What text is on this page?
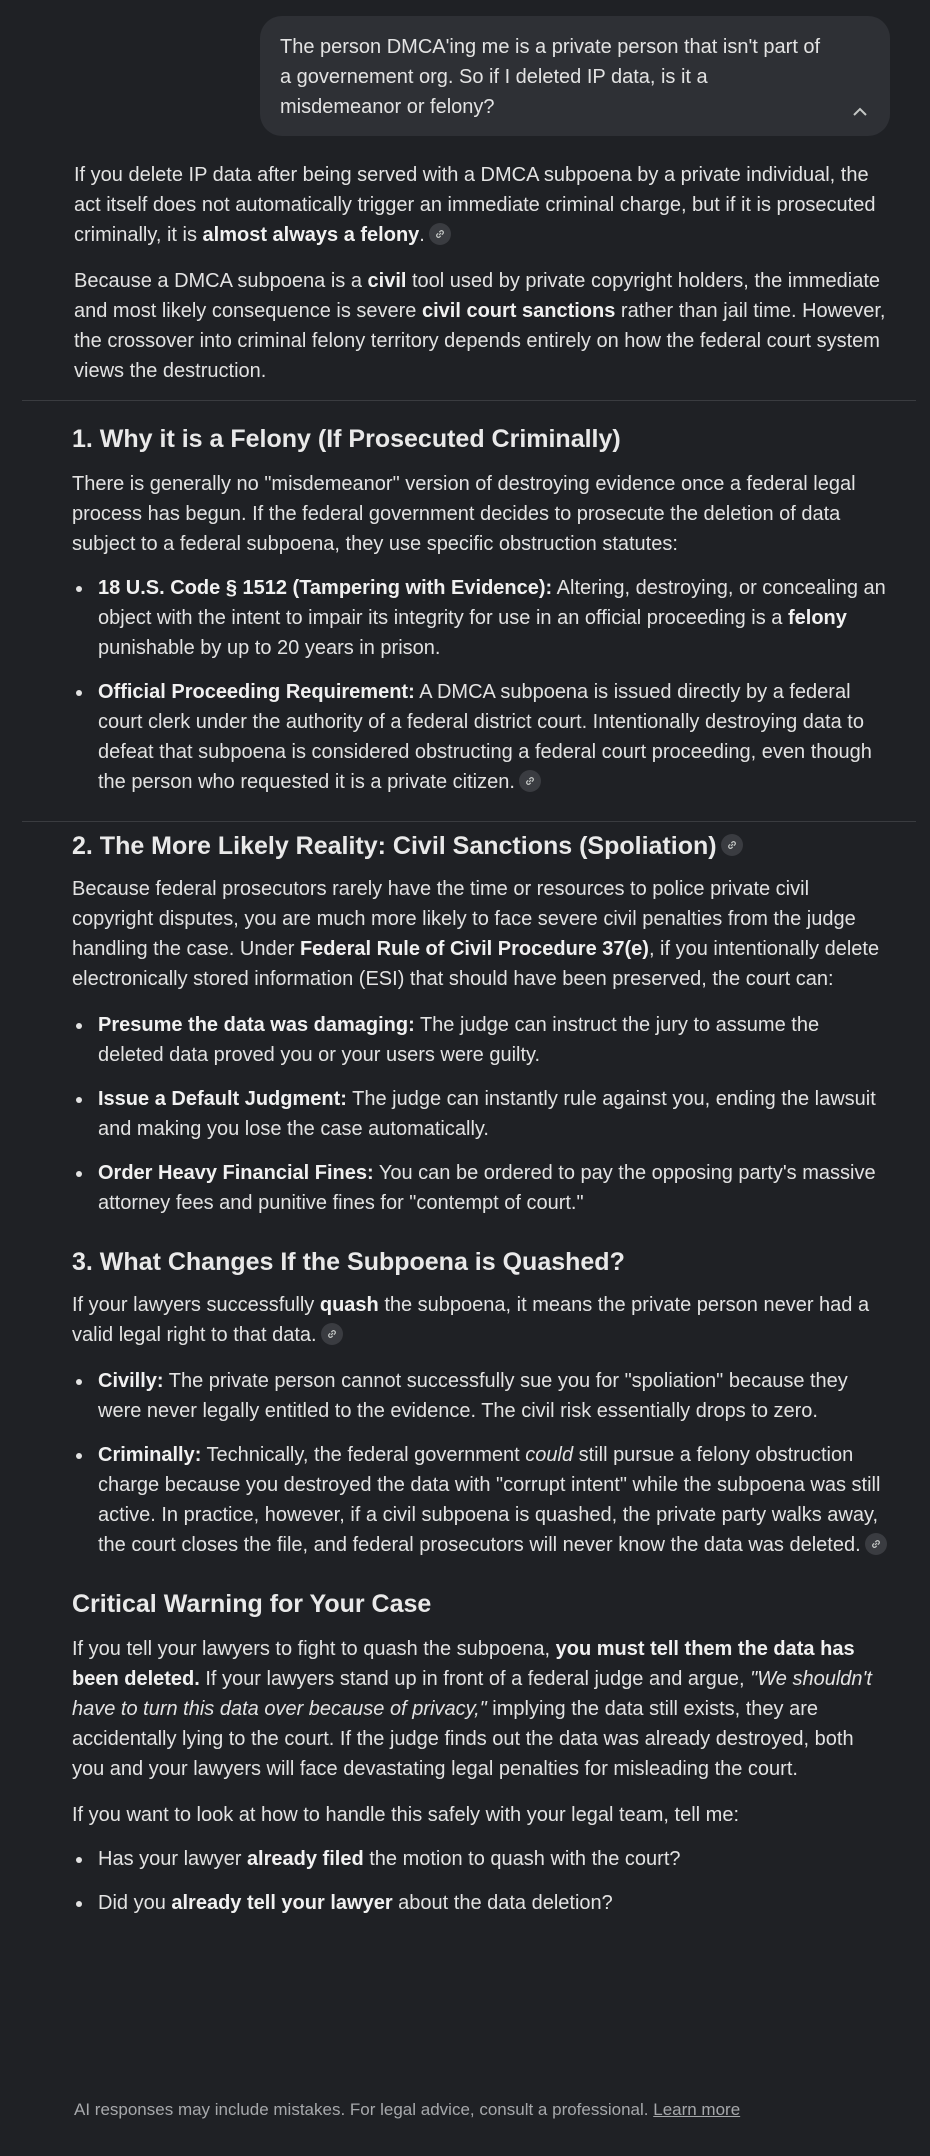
The person DMCA'ing me is a private person that isn't part of a governement org. So if I deleted IP data, is it a misdemeanor or felony?

If you delete IP data after being served with a DMCA subpoena by a private individual, the act itself does not automatically trigger an immediate criminal charge, but if it is prosecuted criminally, it is almost always a felony.

Because a DMCA subpoena is a civil tool used by private copyright holders, the immediate and most likely consequence is severe civil court sanctions rather than jail time. However, the crossover into criminal felony territory depends entirely on how the federal court system views the destruction.

1. Why it is a Felony (If Prosecuted Criminally)

There is generally no "misdemeanor" version of destroying evidence once a federal legal process has begun. If the federal government decides to prosecute the deletion of data subject to a federal subpoena, they use specific obstruction statutes:

18 U.S. Code § 1512 (Tampering with Evidence): Altering, destroying, or concealing an object with the intent to impair its integrity for use in an official proceeding is a felony punishable by up to 20 years in prison.
Official Proceeding Requirement: A DMCA subpoena is issued directly by a federal court clerk under the authority of a federal district court. Intentionally destroying data to defeat that subpoena is considered obstructing a federal court proceeding, even though the person who requested it is a private citizen.
2. The More Likely Reality: Civil Sanctions (Spoliation)

Because federal prosecutors rarely have the time or resources to police private civil copyright disputes, you are much more likely to face severe civil penalties from the judge handling the case. Under Federal Rule of Civil Procedure 37(e), if you intentionally delete electronically stored information (ESI) that should have been preserved, the court can:

Presume the data was damaging: The judge can instruct the jury to assume the deleted data proved you or your users were guilty.
Issue a Default Judgment: The judge can instantly rule against you, ending the lawsuit and making you lose the case automatically.
Order Heavy Financial Fines: You can be ordered to pay the opposing party's massive attorney fees and punitive fines for "contempt of court."
3. What Changes If the Subpoena is Quashed?

If your lawyers successfully quash the subpoena, it means the private person never had a valid legal right to that data.

Civilly: The private person cannot successfully sue you for "spoliation" because they were never legally entitled to the evidence. The civil risk essentially drops to zero.
Criminally: Technically, the federal government could still pursue a felony obstruction charge because you destroyed the data with "corrupt intent" while the subpoena was still active. In practice, however, if a civil subpoena is quashed, the private party walks away, the court closes the file, and federal prosecutors will never know the data was deleted.
Critical Warning for Your Case

If you tell your lawyers to fight to quash the subpoena, you must tell them the data has been deleted. If your lawyers stand up in front of a federal judge and argue, "We shouldn't have to turn this data over because of privacy," implying the data still exists, they are accidentally lying to the court. If the judge finds out the data was already destroyed, both you and your lawyers will face devastating legal penalties for misleading the court.

If you want to look at how to handle this safely with your legal team, tell me:

Has your lawyer already filed the motion to quash with the court?
Did you already tell your lawyer about the data deletion?
AI responses may include mistakes. For legal advice, consult a professional. Learn more
